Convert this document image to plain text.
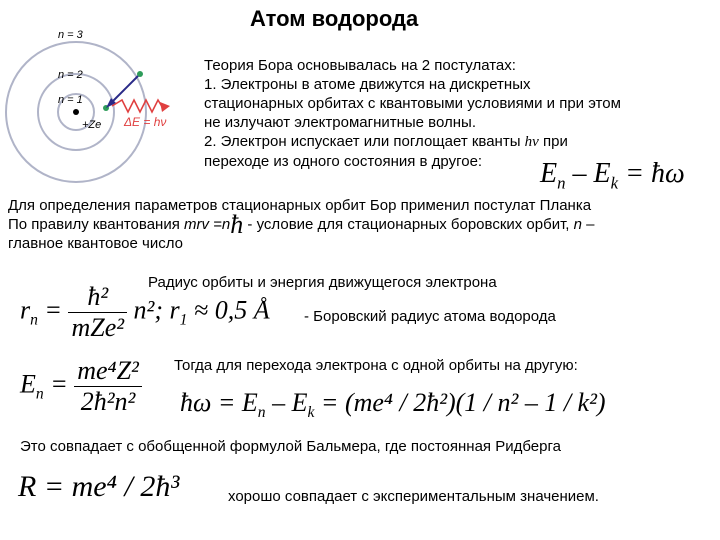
n = 3
n = 2
n = 1
+Ze ΔE = hν
Атом водорода
Теория Бора основывалась на 2 постулатах:
1. Электроны в атоме движутся на дискретных
стационарных орбитах с квантовыми условиями и при этом
не излучают электромагнитные волны.
2. Электрон испускает или поглощает кванты hν при
переходе из одного состояния в другое:	$E_n - E_k$ = ħω
Для определения параметров стационарных орбит Бор применил постулат Планка
По правилу квантования mrv =nħ - условие для стационарных боровских орбит, n –
главное квантовое число
Радиус орбиты и энергия движущегося электрона
$r_n = \frac{\text{ħ²}}{\text{mZe²}} n^2$; $r_1 \approx 0,5$ Å - Боровский радиус атома водорода
$E_n = \frac{\text{me⁴Z²}}{\text{2ħ²n²}}$ Тогда для перехода электрона с одной орбиты на другую:
ħω = $E_n - E_k = (me^4$ / 2ħ²)(1 / n² – 1 / k²)
Это совпадает с обобщенной формулой Бальмера, где постоянная Ридберга
R = me⁴ / 2ħ³	хорошо совпадает с экспериментальным значением.
